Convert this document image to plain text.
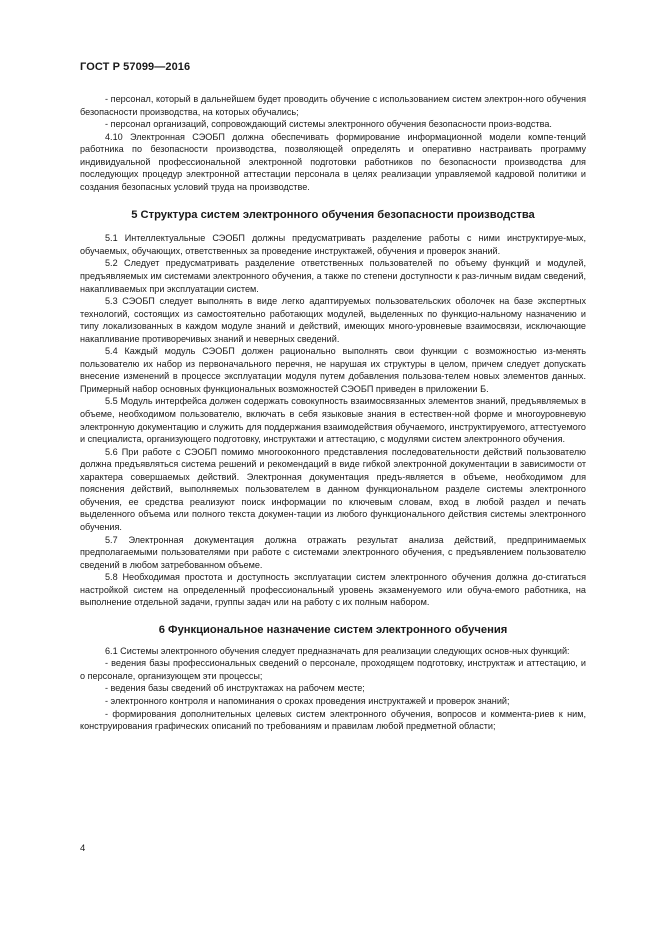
ГОСТ Р 57099—2016

- персонал, который в дальнейшем будет проводить обучение с использованием систем электрон-ного обучения безопасности производства, на которых обучались;

- персонал организаций, сопровождающий системы электронного обучения безопасности произ-водства.

4.10 Электронная СЭОБП должна обеспечивать формирование информационной модели компе-тенций работника по безопасности производства, позволяющей определять и оперативно настраивать программу индивидуальной профессиональной электронной подготовки работников по безопасности производства для последующих процедур электронной аттестации персонала в целях реализации управляемой кадровой политики и создания безопасных условий труда на производстве.

5 Структура систем электронного обучения безопасности производства

5.1 Интеллектуальные СЭОБП должны предусматривать разделение работы с ними инструктируе-мых, обучаемых, обучающих, ответственных за проведение инструктажей, обучения и проверок знаний.

5.2 Следует предусматривать разделение ответственных пользователей по объему функций и модулей, предъявляемых им системами электронного обучения, а также по степени доступности к раз-личным видам сведений, накапливаемых при эксплуатации систем.

5.3 СЭОБП следует выполнять в виде легко адаптируемых пользовательских оболочек на базе экспертных технологий, состоящих из самостоятельно работающих модулей, выделенных по функцио-нальному назначению и типу локализованных в каждом модуле знаний и действий, имеющих много-уровневые взаимосвязи, исключающие накапливание противоречивых знаний и неверных сведений.

5.4 Каждый модуль СЭОБП должен рационально выполнять свои функции с возможностью из-менять пользователю их набор из первоначального перечня, не нарушая их структуры в целом, причем следует допускать внесение изменений в процессе эксплуатации модуля путем добавления пользова-телем новых элементов данных. Примерный набор основных функциональных возможностей СЭОБП приведен в приложении Б.

5.5 Модуль интерфейса должен содержать совокупность взаимосвязанных элементов знаний, предъявляемых в объеме, необходимом пользователю, включать в себя языковые знания в естествен-ной форме и многоуровневую электронную документацию и служить для поддержания взаимодействия обучаемого, инструктируемого, аттестуемого и специалиста, организующего подготовку, инструктажи и аттестацию, с модулями систем электронного обучения.

5.6 При работе с СЭОБП помимо многооконного представления последовательности действий пользователю должна предъявляться система решений и рекомендаций в виде гибкой электронной документации в зависимости от характера совершаемых действий. Электронная документация предъ-является в объеме, необходимом для пояснения действий, выполняемых пользователем в данном функциональном разделе системы электронного обучения, ее средства реализуют поиск информации по ключевым словам, вход в любой раздел и печать выделенного объема или полного текста докумен-тации из любого функционального действия системы электронного обучения.

5.7 Электронная документация должна отражать результат анализа действий, предпринимаемых предполагаемыми пользователями при работе с системами электронного обучения, с предъявлением пользователю сведений в любом затребованном объеме.

5.8 Необходимая простота и доступность эксплуатации систем электронного обучения должна до-стигаться настройкой систем на определенный профессиональный уровень экзаменуемого или обуча-емого работника, на выполнение отдельной задачи, группы задач или на работу с их полным набором.

6 Функциональное назначение систем электронного обучения

6.1 Системы электронного обучения следует предназначать для реализации следующих основ-ных функций:

- ведения базы профессиональных сведений о персонале, проходящем подготовку, инструктаж и аттестацию, и о персонале, организующем эти процессы;

- ведения базы сведений об инструктажах на рабочем месте;

- электронного контроля и напоминания о сроках проведения инструктажей и проверок знаний;

- формирования дополнительных целевых систем электронного обучения, вопросов и коммента-риев к ним, конструирования графических описаний по требованиям и правилам любой предметной области;

4
